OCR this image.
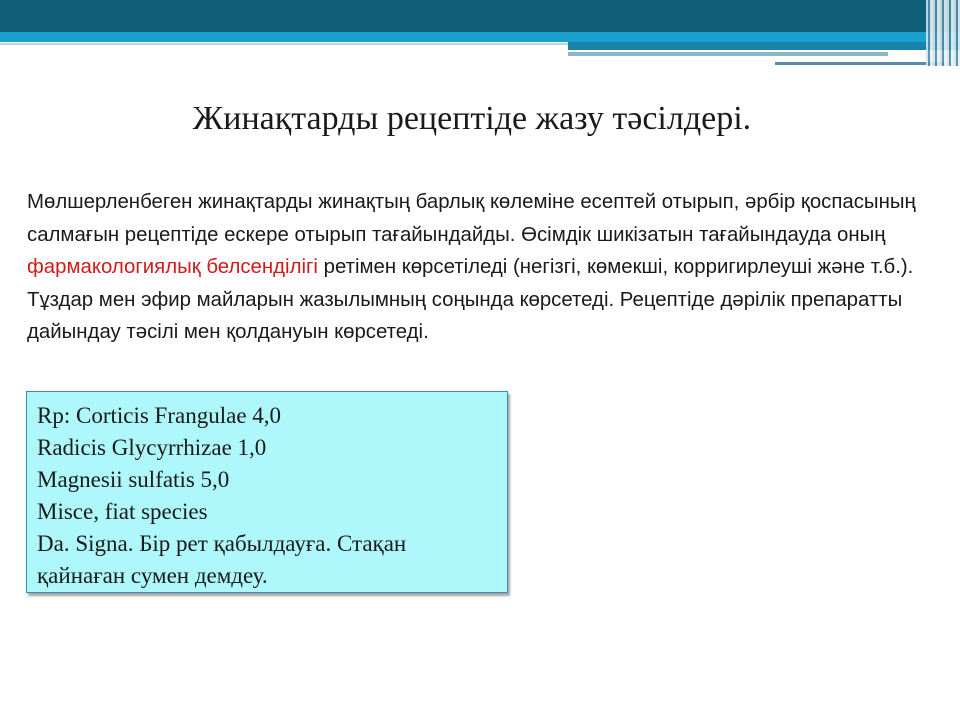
Жинақтарды рецептіде жазу тәсілдері.

Мөлшерленбеген жинақтарды жинақтың барлық көлеміне есептей отырып, әрбір қоспасының салмағын рецептіде ескере отырып тағайындайды. Өсімдік шикізатын тағайындауда оның фармакологиялық белсенділігі ретімен көрсетіледі (негізгі, көмекші, корригирлеуші және т.б.). Тұздар мен эфир майларын жазылымның соңында көрсетеді. Рецептіде дәрілік препаратты дайындау тәсілі мен қолдануын көрсетеді.

Rp: Corticis Frangulae 4,0
Radicis Glycyrrhizae 1,0
Magnesii sulfatis 5,0
Misce, fiat species
Da. Signa. Бір рет қабылдауға. Стақан
қайнаған сумен демдеу.
